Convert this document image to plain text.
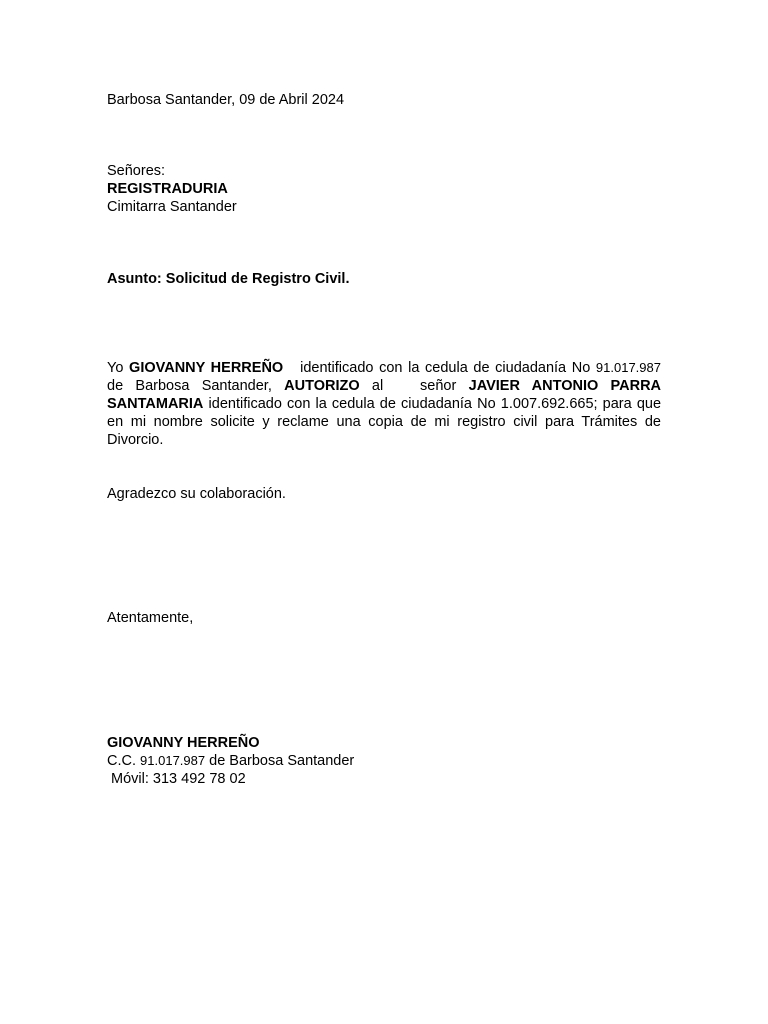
Barbosa Santander, 09 de Abril 2024
Señores:
REGISTRADURIA
Cimitarra Santander
Asunto: Solicitud de Registro Civil.
Yo GIOVANNY HERREÑO identificado con la cedula de ciudadanía No 91.017.987 de Barbosa Santander, AUTORIZO al   señor JAVIER ANTONIO PARRA SANTAMARIA identificado con la cedula de ciudadanía No 1.007.692.665; para que en mi nombre solicite y reclame una copia de mi registro civil para Trámites de Divorcio.
Agradezco su colaboración.
Atentamente,
GIOVANNY HERREÑO
C.C. 91.017.987 de Barbosa Santander
Móvil: 313 492 78 02
